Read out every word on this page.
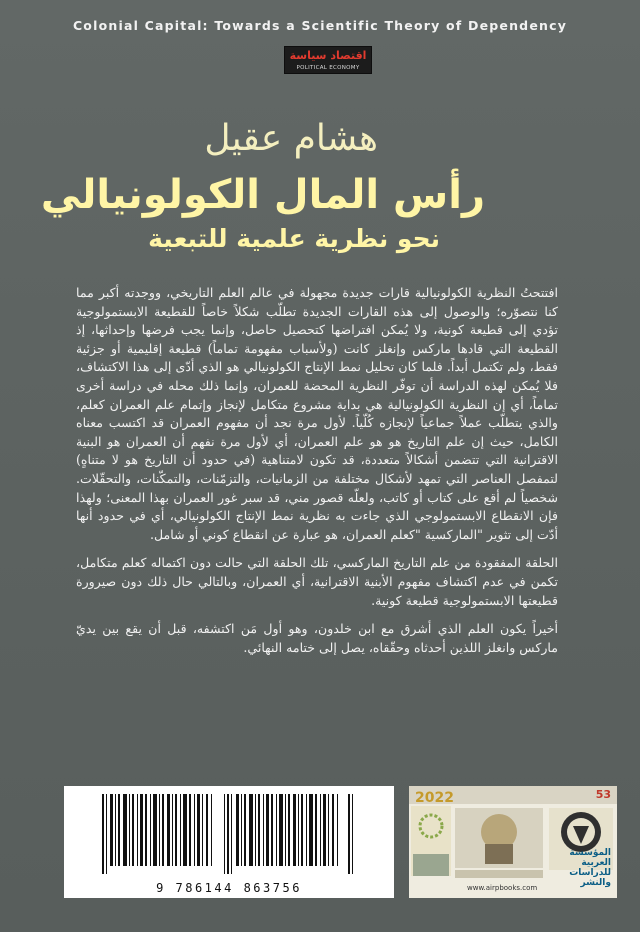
Colonial Capital: Towards a Scientific Theory of Dependency
اقتصاد سياسة
POLITICAL ECONOMY
هشام عقيل
رأس المال الكولونيالي
نحو نظرية علمية للتبعية

افتتحتُ النظرية الكولونيالية قارات جديدة مجهولة في عالم العلم التاريخي، ووجدته أكبر مما كنا نتصوّره؛ والوصول إلى هذه القارات الجديدة تطلّب شكلاً خاصاً للقطيعة الابستمولوجية تؤدي إلى قطيعة كونية، ولا يُمكن افتراضها كتحصيل حاصل، وإنما يجب فرضها وإحداثها، إذ القطيعة التي قادها ماركس وإنغلز كانت (ولأسباب مفهومة تماماً) قطيعة إقليمية أو جزئية فقط، ولم تكتمل أبداً. فلما كان تحليل نمط الإنتاج الكولونيالي هو الذي أدّى إلى هذا الاكتشاف، فلا يُمكن لهذه الدراسة أن توفّر النظرية المحضة للعمران، وإنما ذلك محله في دراسة أخرى تماماً، أي إن النظرية الكولونيالية هي بداية مشروع متكامل لإنجاز وإتمام علم العمران كعلم، والذي يتطلّب عملاً جماعياً لإنجازه كُلّياً. لأول مرة نجد أن مفهوم العمران قد اكتسب معناه الكامل، حيث إن علم التاريخ هو هو علم العمران، أي لأول مرة نفهم أن العمران هو البنية الاقترانية التي تتضمن أشكالاً متعددة، قد تكون لامتناهية (في حدود أن التاريخ هو لا متناهٍ) لتمفصل العناصر التي تمهد لأشكال مختلفة من الزمانيات، والتزمّنات، والتمكّنات، والتحقّلات. شخصياً لم أقع على كتاب أو كاتب، ولعلّه قصور مني، قد سبر غور العمران بهذا المعنى؛ ولهذا فإن الانقطاع الابستمولوجي الذي جاءت به نظرية نمط الإنتاج الكولونيالي، أي في حدود أنها أدّت إلى تثوير "الماركسية "كعلم العمران، هو عبارة عن انقطاع كوني أو شامل.

الحلقة المفقودة من علم التاريخ الماركسي، تلك الحلقة التي حالت دون اكتماله كعلم متكامل، تكمن في عدم اكتشاف مفهوم الأبنية الاقترانية، أي العمران، وبالتالي حال ذلك دون صيرورة قطيعتها الابستمولوجية قطيعة كونية.

أخيراً يكون العلم الذي أشرق مع ابن خلدون، وهو أول مَن اكتشفه، قبل أن يقع بين يديّ ماركس وانغلز اللذين أحدثاه وحقّقاه، يصل إلى ختامه النهائي.

9 786144 863756
53
2022
www.airpbooks.com
المؤسسة العربية للدراسات والنشر
